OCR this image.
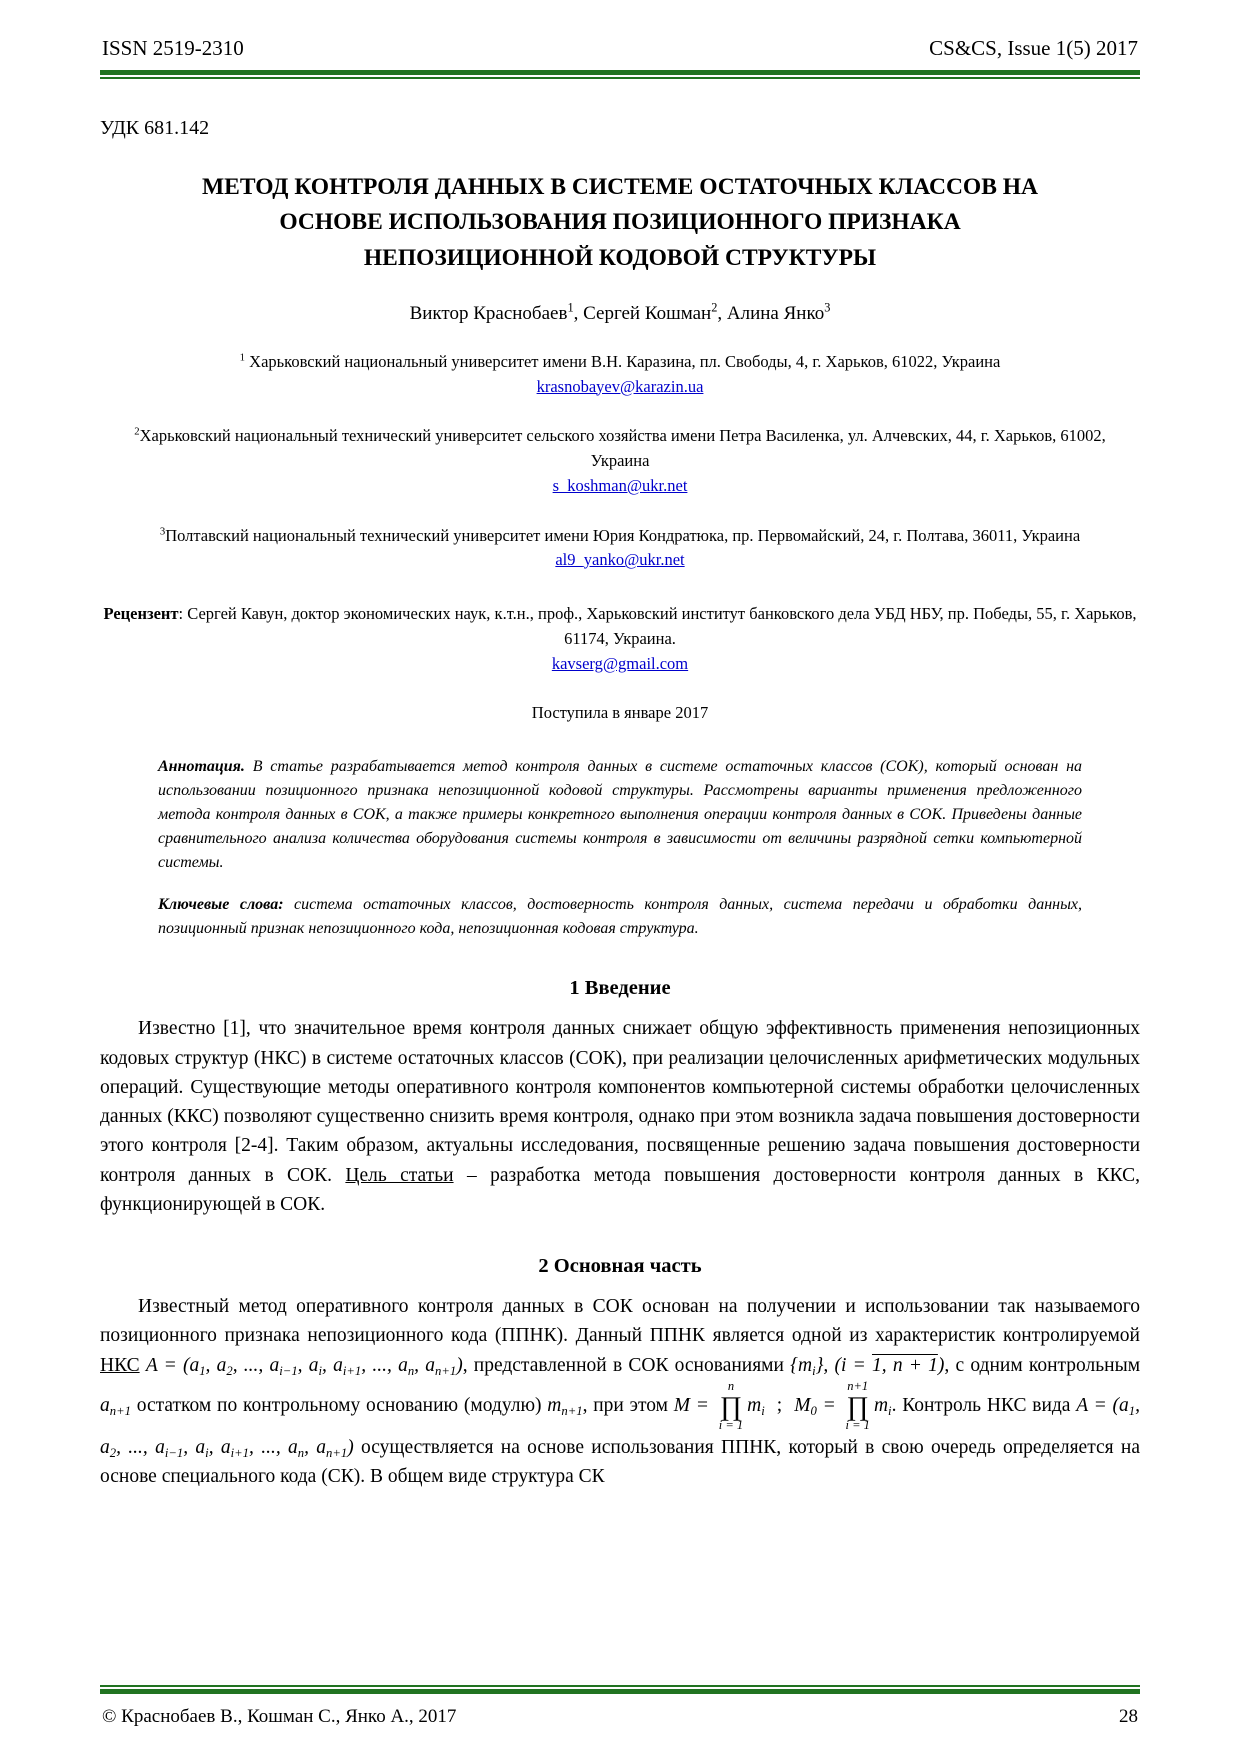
ISSN 2519-2310	CS&CS, Issue 1(5) 2017
УДК 681.142
МЕТОД КОНТРОЛЯ ДАННЫХ В СИСТЕМЕ ОСТАТОЧНЫХ КЛАССОВ НА ОСНОВЕ ИСПОЛЬЗОВАНИЯ ПОЗИЦИОННОГО ПРИЗНАКА НЕПОЗИЦИОННОЙ КОДОВОЙ СТРУКТУРЫ
Виктор Краснобаев$^1$, Сергей Кошман$^2$, Алина Янко$^3$
$^1$ Харьковский национальный университет имени В.Н. Каразина, пл. Свободы, 4, г. Харьков, 61022, Украина
krasnobayev@karazin.ua
$^2$Харьковский национальный технический университет сельского хозяйства имени Петра Василенка, ул. Алчевских, 44, г. Харьков, 61002, Украина
s_koshman@ukr.net
$^3$Полтавский национальный технический университет имени Юрия Кондратюка, пр. Первомайский, 24, г. Полтава, 36011, Украина
al9_yanko@ukr.net
Рецензент: Сергей Кавун, доктор экономических наук, к.т.н., проф., Харьковский институт банковского дела УБД НБУ, пр. Победы, 55, г. Харьков, 61174, Украина.
kavserg@gmail.com
Поступила в январе 2017

Аннотация. В статье разрабатывается метод контроля данных в системе остаточных классов (СОК), который основан на использовании позиционного признака непозиционной кодовой структуры. Рассмотрены варианты применения предложенного метода контроля данных в СОК, а также примеры конкретного выполнения операции контроля данных в СОК. Приведены данные сравнительного анализа количества оборудования системы контроля в зависимости от величины разрядной сетки компьютерной системы.

Ключевые слова: система остаточных классов, достоверность контроля данных, система передачи и обработки данных, позиционный признак непозиционного кода, непозиционная кодовая структура.

1 Введение

Известно [1], что значительное время контроля данных снижает общую эффективность применения непозиционных кодовых структур (НКС) в системе остаточных классов (СОК), при реализации целочисленных арифметических модульных операций. Существующие методы оперативного контроля компонентов компьютерной системы обработки целочисленных данных (ККС) позволяют существенно снизить время контроля, однако при этом возникла задача повышения достоверности этого контроля [2-4]. Таким образом, актуальны исследования, посвященные решению задача повышения достоверности контроля данных в СОК. Цель статьи – разработка метода повышения достоверности контроля данных в ККС, функционирующей в СОК.

2 Основная часть

Известный метод оперативного контроля данных в СОК основан на получении и использовании так называемого позиционного признака непозиционного кода (ППНК). Данный ППНК является одной из характеристик контролируемой НКС $A = (a_1$, $a_2$, ..., $a_{i-1}$, $a_i$, $a_{i+1}$, ..., $a_n$, $a_{n+1}$), представленной в СОК основаниями $\{m_i\}$, (i = 1, n + 1), с одним контрольным $a_{n+1}$ остатком по контрольному основанию (модулю) $m_{n+1}$, при этом M =
n
∏
i = 1
$m_i$ ; $M_0$ =
n+1
∏
i = 1
$m_i$. Контроль НКС вида $A = (a_1$, $a_2$, ..., $a_{i-1}$, $a_i$, $a_{i+1}$, ..., $a_n$, $a_{n+1}$) осуществляется на основе использования ППНК, который в свою очередь определяется на основе специального кода (СК). В общем виде структура СК

© Краснобаев В., Кошман С., Янко А., 2017	28
